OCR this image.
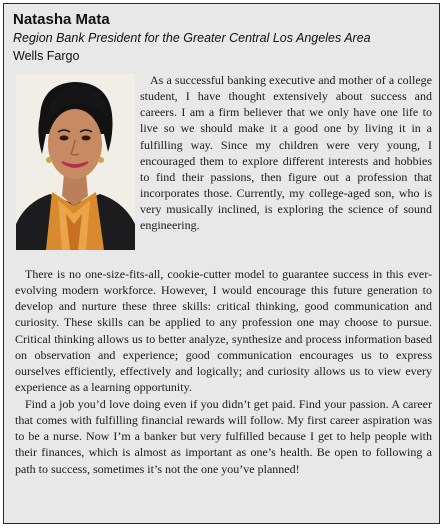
Natasha Mata
Region Bank President for the Greater Central Los Angeles Area
Wells Fargo

As a successful banking executive and mother of a college student, I have thought extensively about success and careers. I am a firm believer that we only have one life to live so we should make it a good one by living it in a fulfilling way. Since my children were very young, I encouraged them to explore different interests and hobbies to find their passions, then figure out a profession that incorporates those. Currently, my college-aged son, who is very musically inclined, is exploring the science of sound engineering.

There is no one-size-fits-all, cookie-cutter model to guarantee success in this ever-evolving modern workforce. However, I would encourage this future generation to develop and nurture these three skills: critical thinking, good communication and curiosity. These skills can be applied to any profession one may choose to pursue. Critical thinking allows us to better analyze, synthesize and process information based on observation and experience; good communication encourages us to express ourselves efficiently, effectively and logically; and curiosity allows us to view every experience as a learning opportunity.

Find a job you’d love doing even if you didn’t get paid. Find your passion. A career that comes with fulfilling financial rewards will follow. My first career aspiration was to be a nurse. Now I’m a banker but very fulfilled because I get to help people with their finances, which is almost as important as one’s health. Be open to following a path to success, sometimes it’s not the one you’ve planned!
